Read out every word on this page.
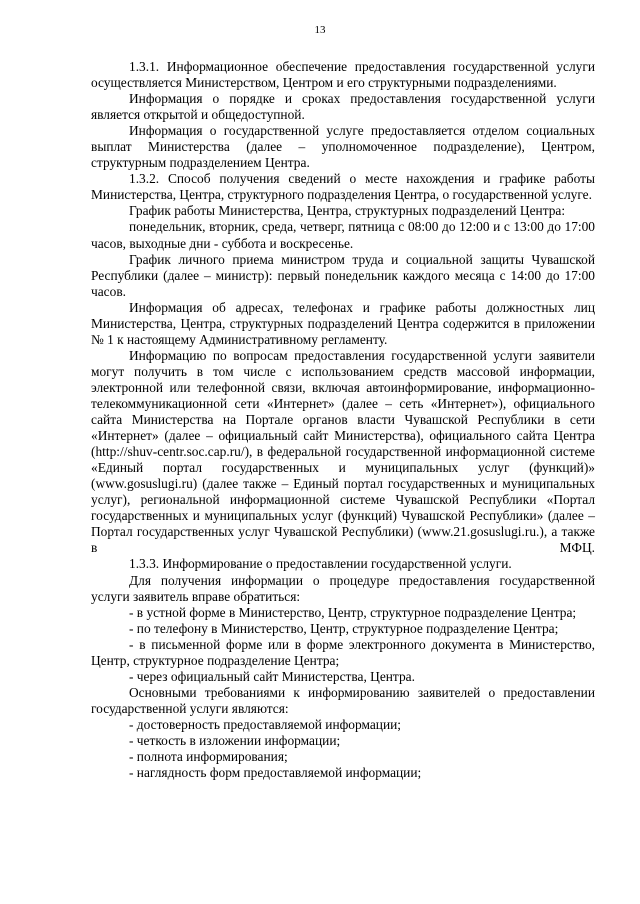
13

1.3.1. Информационное обеспечение предоставления государственной услуги осуществляется Министерством, Центром и его структурными подразделениями.

Информация о порядке и сроках предоставления государственной услуги является открытой и общедоступной.

Информация о государственной услуге предоставляется отделом социальных выплат Министерства (далее – уполномоченное подразделение), Центром, структурным подразделением Центра.

1.3.2. Способ получения сведений о месте нахождения и графике работы Министерства, Центра, структурного подразделения Центра, о государственной услуге.

График работы Министерства, Центра, структурных подразделений Центра:

понедельник, вторник, среда, четверг, пятница с 08:00 до 12:00 и с 13:00 до 17:00 часов, выходные дни - суббота и воскресенье.

График личного приема министром труда и социальной защиты Чувашской Республики (далее – министр): первый понедельник каждого месяца с 14:00 до 17:00 часов.

Информация об адресах, телефонах и графике работы должностных лиц Министерства, Центра, структурных подразделений Центра содержится в приложении № 1 к настоящему Административному регламенту.

Информацию по вопросам предоставления государственной услуги заявители могут получить в том числе с использованием средств массовой информации, электронной или телефонной связи, включая автоинформирование, информационно-телекоммуникационной сети «Интернет» (далее – сеть «Интернет»), официального сайта Министерства на Портале органов власти Чувашской Республики в сети «Интернет» (далее – официальный сайт Министерства), официального сайта Центра (http://shuv-centr.soc.cap.ru/), в федеральной государственной информационной системе «Единый портал государственных и муниципальных услуг (функций)» (www.gosuslugi.ru) (далее также – Единый портал государственных и муниципальных услуг), региональной информационной системе Чувашской Республики «Портал государственных и муниципальных услуг (функций) Чувашской Республики» (далее – Портал государственных услуг Чувашской Республики) (www.21.gosuslugi.ru.), а также в МФЦ.

1.3.3. Информирование о предоставлении государственной услуги.

Для получения информации о процедуре предоставления государственной услуги заявитель вправе обратиться:

- в устной форме в Министерство, Центр, структурное подразделение Центра;

- по телефону в Министерство, Центр, структурное подразделение Центра;

- в письменной форме или в форме электронного документа в Министерство, Центр, структурное подразделение Центра;

- через официальный сайт Министерства, Центра.

Основными требованиями к информированию заявителей о предоставлении государственной услуги являются:

- достоверность предоставляемой информации;

- четкость в изложении информации;

- полнота информирования;

- наглядность форм предоставляемой информации;
